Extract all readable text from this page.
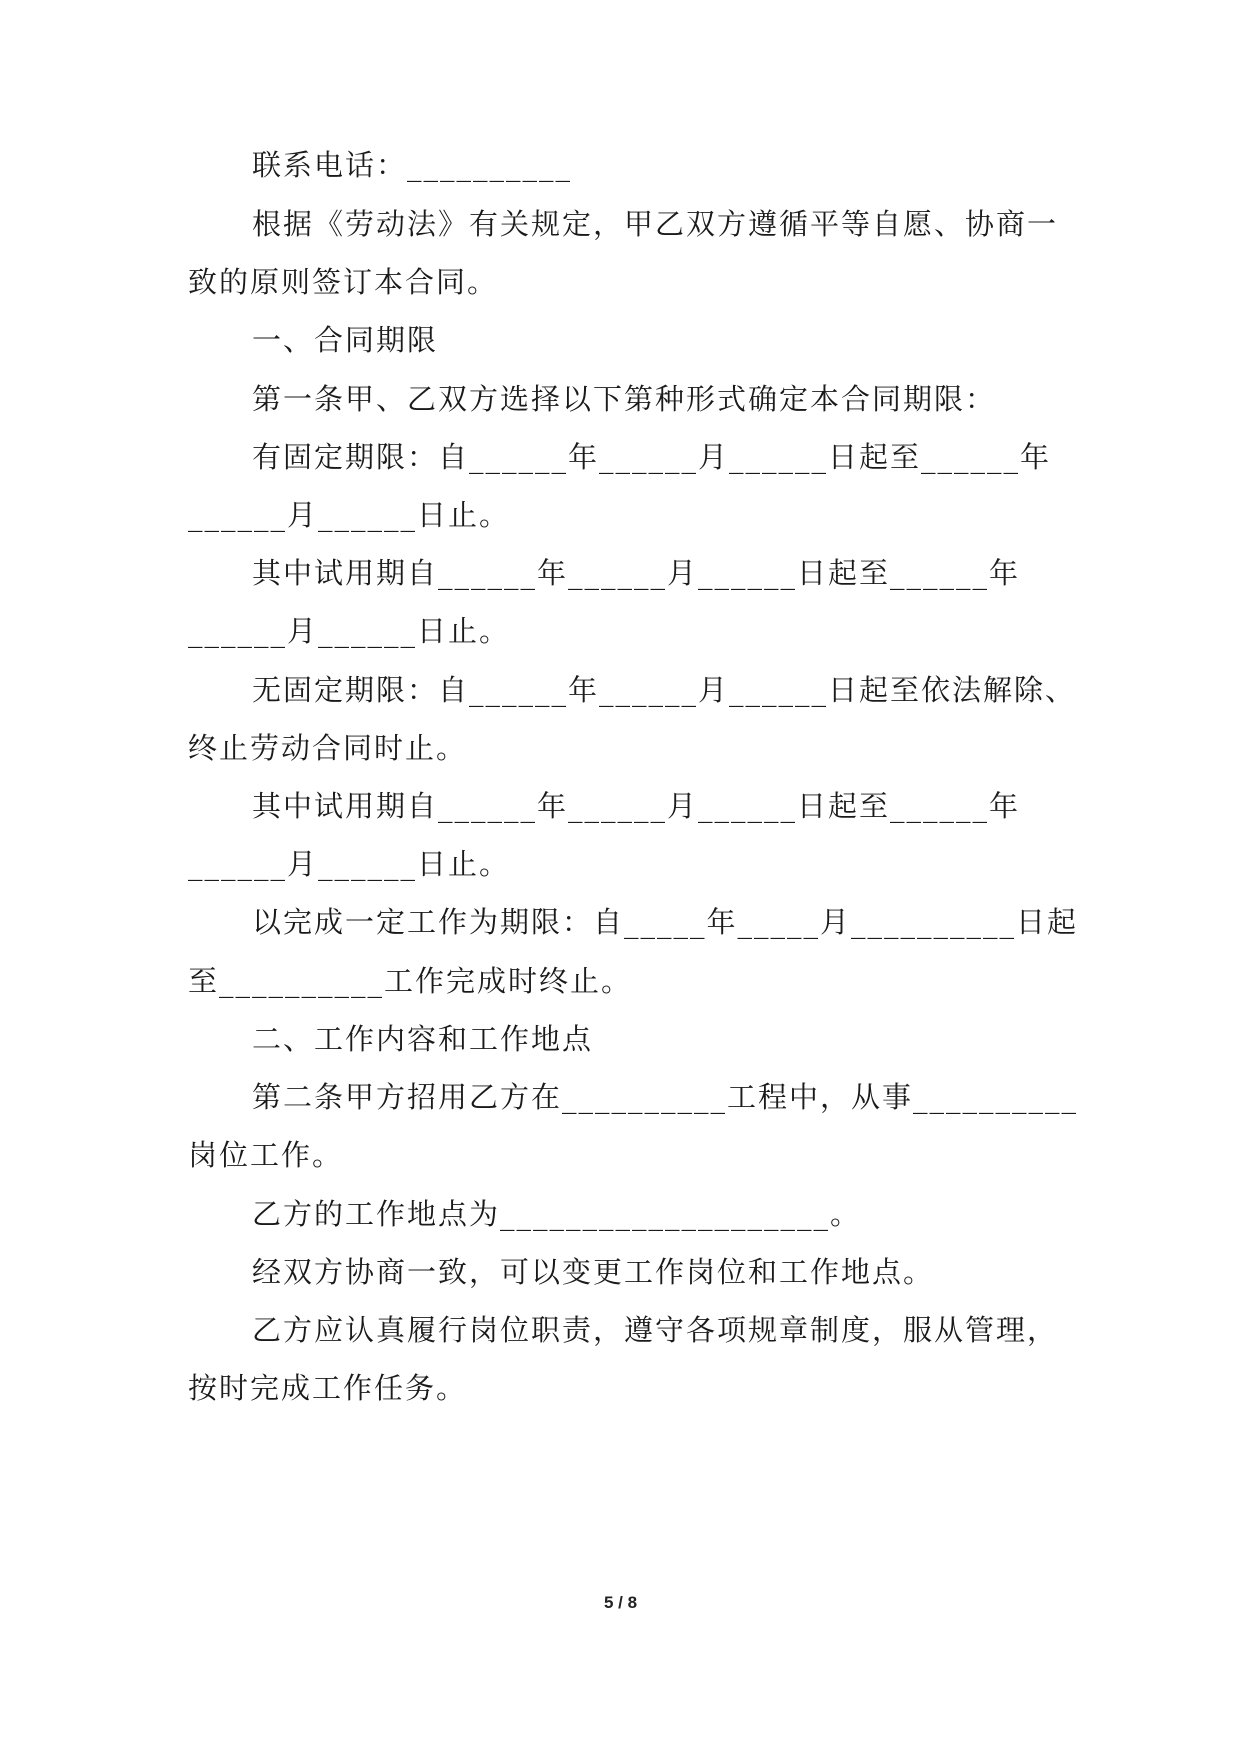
联系电话：__________
根据《劳动法》有关规定，甲乙双方遵循平等自愿、协商一
致的原则签订本合同。
一、合同期限
第一条甲、乙双方选择以下第种形式确定本合同期限：
有固定期限：自______年______月______日起至______年
______月______日止。
其中试用期自______年______月______日起至______年
______月______日止。
无固定期限：自______年______月______日起至依法解除、
终止劳动合同时止。
其中试用期自______年______月______日起至______年
______月______日止。
以完成一定工作为期限：自_____年_____月__________日起
至__________工作完成时终止。
二、工作内容和工作地点
第二条甲方招用乙方在__________工程中，从事__________
岗位工作。
乙方的工作地点为____________________。
经双方协商一致，可以变更工作岗位和工作地点。
乙方应认真履行岗位职责，遵守各项规章制度，服从管理，
按时完成工作任务。
5 / 8
